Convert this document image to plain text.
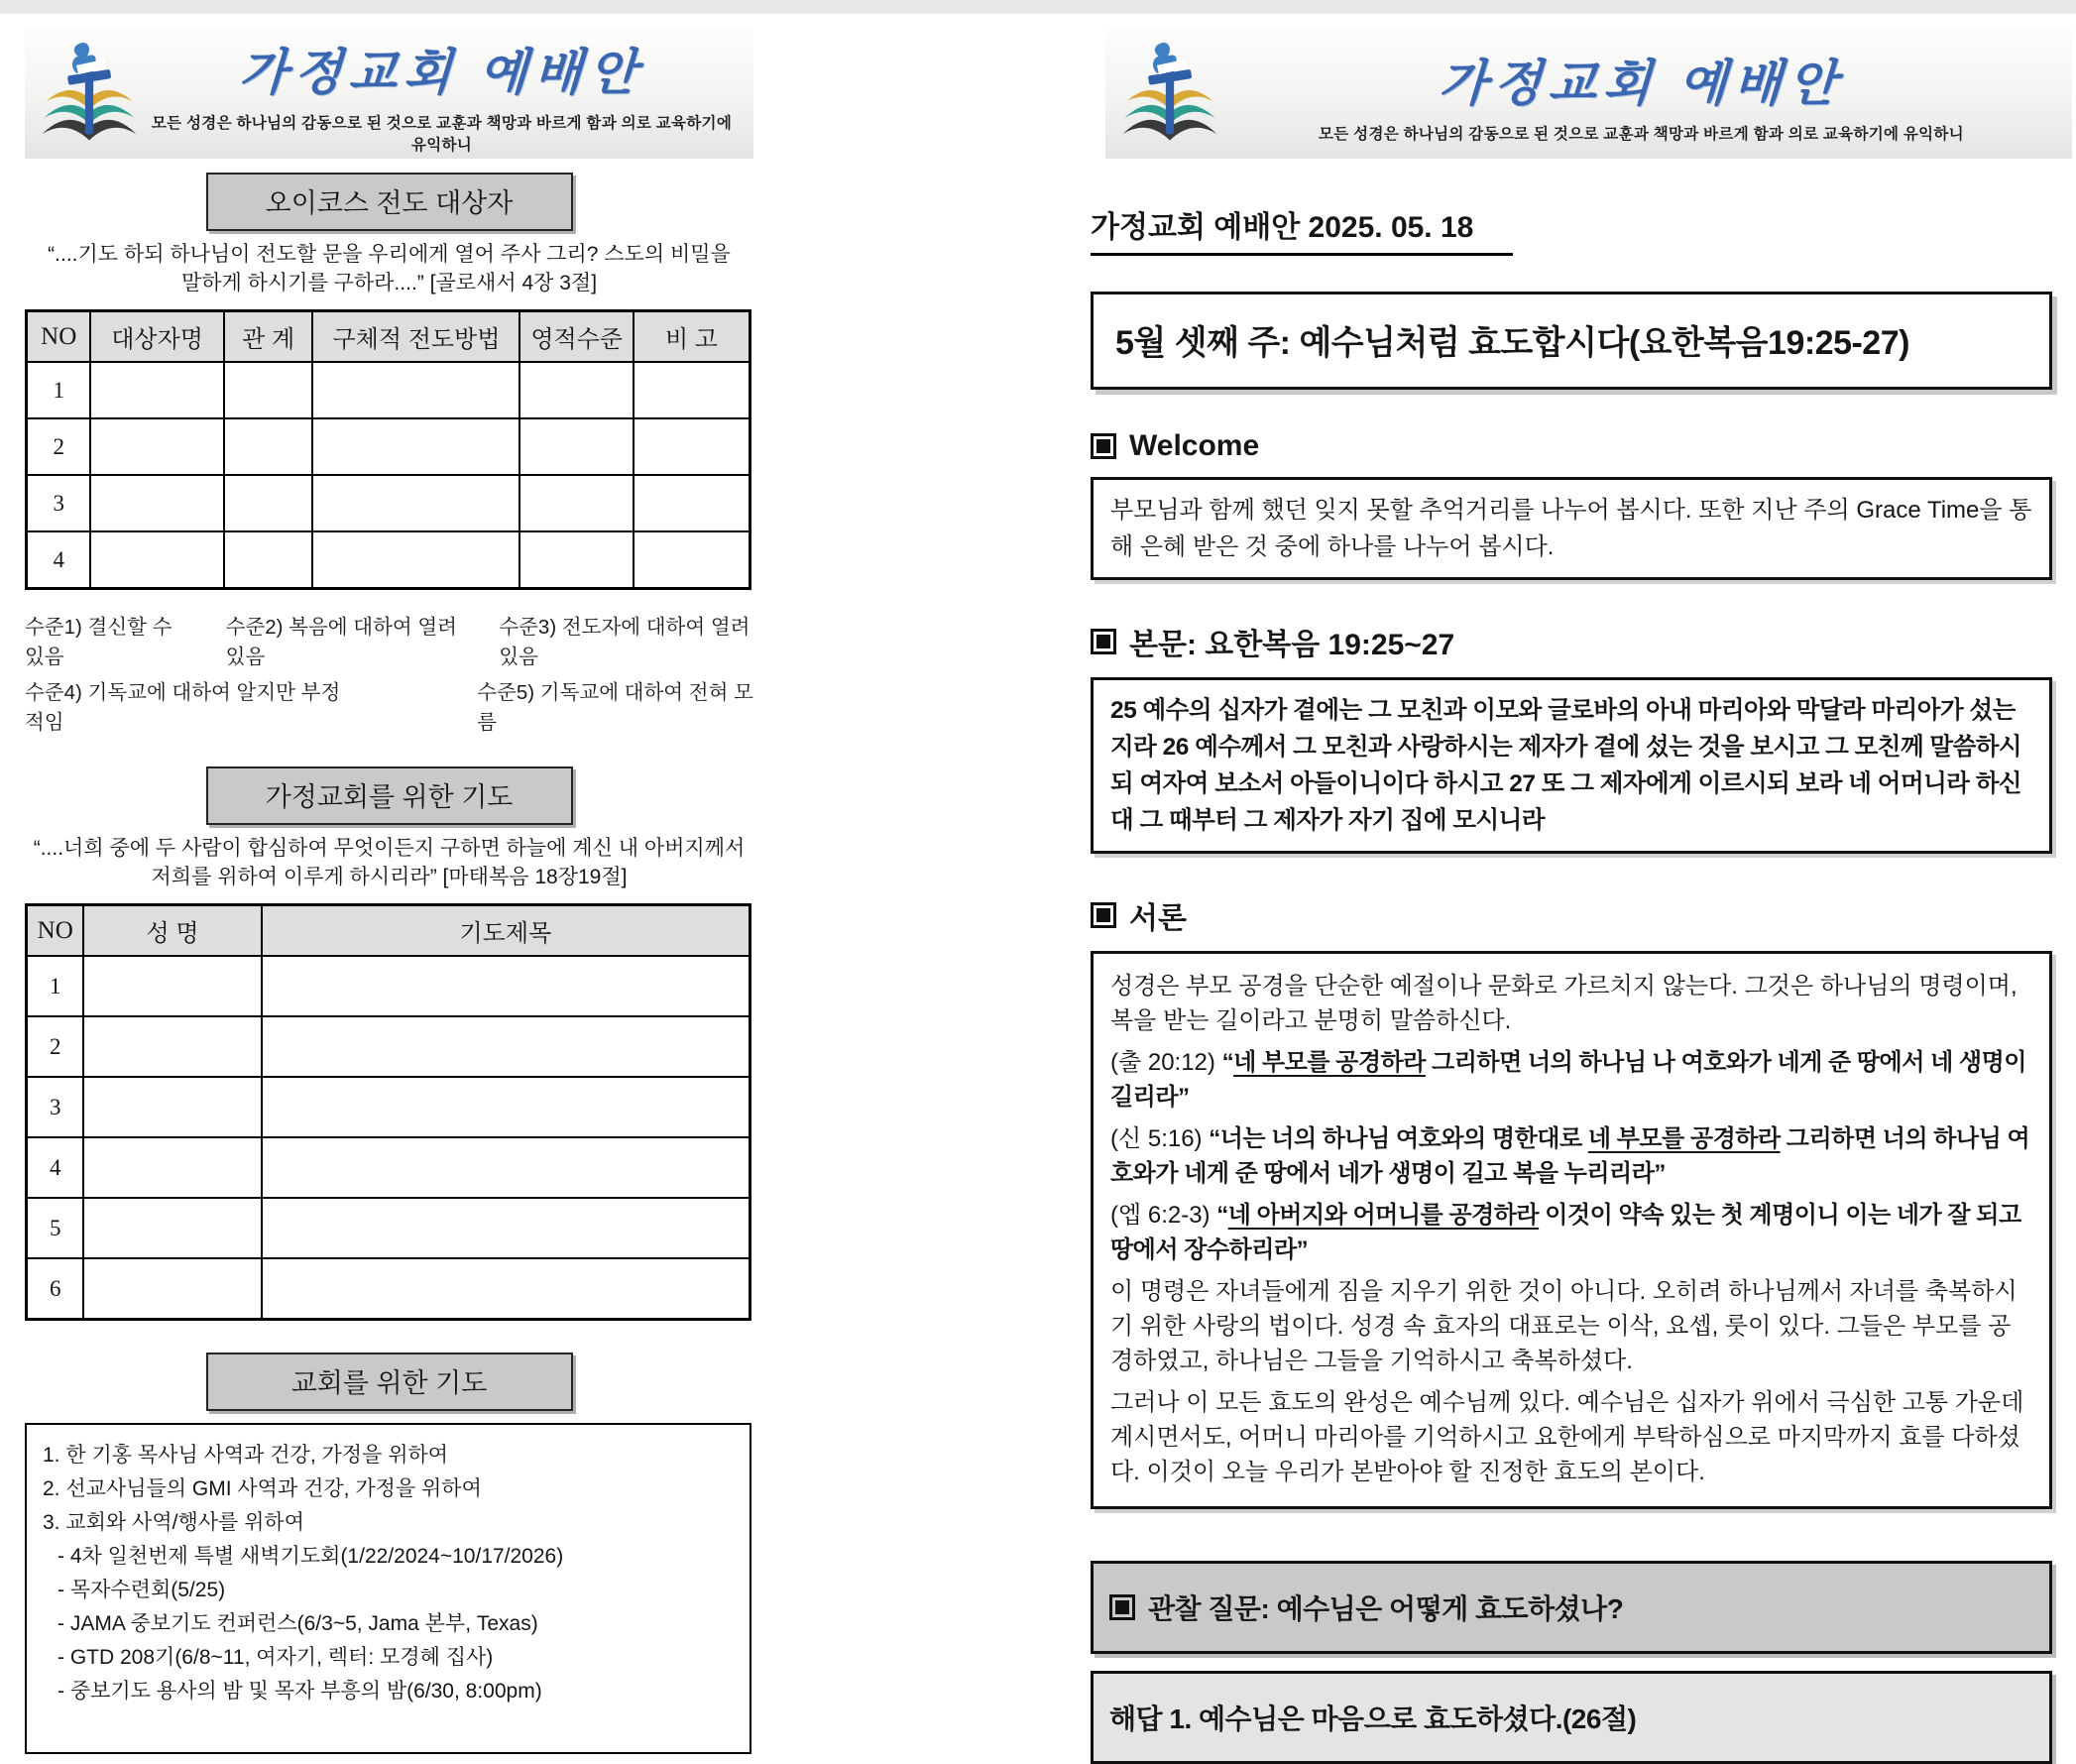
가정교회 예배안
모든 성경은 하나님의 감동으로 된 것으로 교훈과 책망과 바르게 함과 의로 교육하기에 유익하니
오이코스 전도 대상자
“....기도 하되 하나님이 전도할 문을 우리에게 열어 주사 그리? 스도의 비밀을
말하게 하시기를 구하라....” [골로새서 4장 3절]
NO	대상자명	관 계	구체적 전도방법	영적수준	비 고
1					
2					
3					
4					
수준1) 결신할 수 있음
수준2) 복음에 대하여 열려 있음
수준3) 전도자에 대하여 열려 있음
수준4) 기독교에 대하여 알지만 부정적임
수준5) 기독교에 대하여 전혀 모름
가정교회를 위한 기도
“....너희 중에 두 사람이 합심하여 무엇이든지 구하면 하늘에 계신 내 아버지께서
저희를 위하여 이루게 하시리라” [마태복음 18장19절]
NO	성 명	기도제목
1		
2		
3		
4		
5		
6		
교회를 위한 기도
1. 한 기홍 목사님 사역과 건강, 가정을 위하여
2. 선교사님들의 GMI 사역과 건강, 가정을 위하여
3. 교회와 사역/행사를 위하여
- 4차 일천번제 특별 새벽기도회(1/22/2024~10/17/2026)
- 목자수련회(5/25)
- JAMA 중보기도 컨퍼런스(6/3~5, Jama 본부, Texas)
- GTD 208기(6/8~11, 여자기, 렉터: 모경혜 집사)
- 중보기도 용사의 밤 및 목자 부흥의 밤(6/30, 8:00pm)
가정교회 예배안
모든 성경은 하나님의 감동으로 된 것으로 교훈과 책망과 바르게 함과 의로 교육하기에 유익하니
가정교회 예배안 2025. 05. 18
5월 셋째 주: 예수님처럼 효도합시다(요한복음19:25-27)
Welcome
부모님과 함께 했던 잊지 못할 추억거리를 나누어 봅시다. 또한 지난 주의 Grace Time을 통해 은혜 받은 것 중에 하나를 나누어 봅시다.
본문: 요한복음 19:25~27
25 예수의 십자가 곁에는 그 모친과 이모와 글로바의 아내 마리아와 막달라 마리아가 섰는지라 26 예수께서 그 모친과 사랑하시는 제자가 곁에 섰는 것을 보시고 그 모친께 말씀하시되 여자여 보소서 아들이니이다 하시고 27 또 그 제자에게 이르시되 보라 네 어머니라 하신대 그 때부터 그 제자가 자기 집에 모시니라
서론

성경은 부모 공경을 단순한 예절이나 문화로 가르치지 않는다. 그것은 하나님의 명령이며, 복을 받는 길이라고 분명히 말씀하신다.

(출 20:12) “네 부모를 공경하라 그리하면 너의 하나님 나 여호와가 네게 준 땅에서 네 생명이 길리라”

(신 5:16) “너는 너의 하나님 여호와의 명한대로 네 부모를 공경하라 그리하면 너의 하나님 여호와가 네게 준 땅에서 네가 생명이 길고 복을 누리리라”

(엡 6:2-3) “네 아버지와 어머니를 공경하라 이것이 약속 있는 첫 계명이니 이는 네가 잘 되고 땅에서 장수하리라”

이 명령은 자녀들에게 짐을 지우기 위한 것이 아니다. 오히려 하나님께서 자녀를 축복하시기 위한 사랑의 법이다. 성경 속 효자의 대표로는 이삭, 요셉, 룻이 있다. 그들은 부모를 공경하였고, 하나님은 그들을 기억하시고 축복하셨다.

그러나 이 모든 효도의 완성은 예수님께 있다. 예수님은 십자가 위에서 극심한 고통 가운데 계시면서도, 어머니 마리아를 기억하시고 요한에게 부탁하심으로 마지막까지 효를 다하셨다. 이것이 오늘 우리가 본받아야 할 진정한 효도의 본이다.

관찰 질문: 예수님은 어떻게 효도하셨나?
해답 1. 예수님은 마음으로 효도하셨다.(26절)
